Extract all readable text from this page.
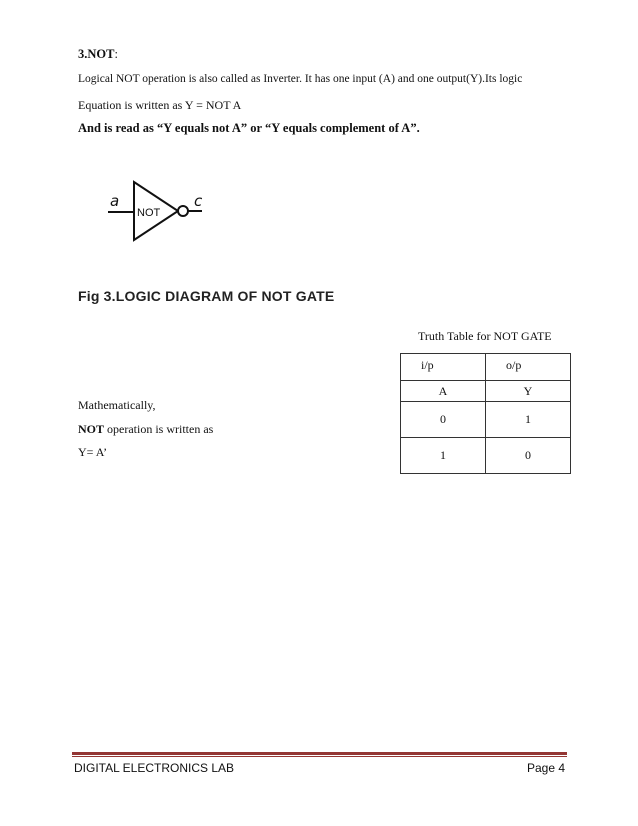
3.NOT:
Logical NOT operation is also called as Inverter. It has one input (A) and one output(Y).Its logic
Equation is written as Y = NOT A
And is read as “Y equals not A” or “Y equals complement of A”.
a
NOT
c
Fig 3.LOGIC DIAGRAM OF NOT GATE
Truth Table for NOT GATE
i/p	o/p
A	Y
0	1
1	0
Mathematically,
NOT operation is written as
Y= A’
DIGITAL ELECTRONICS LAB	Page 4
